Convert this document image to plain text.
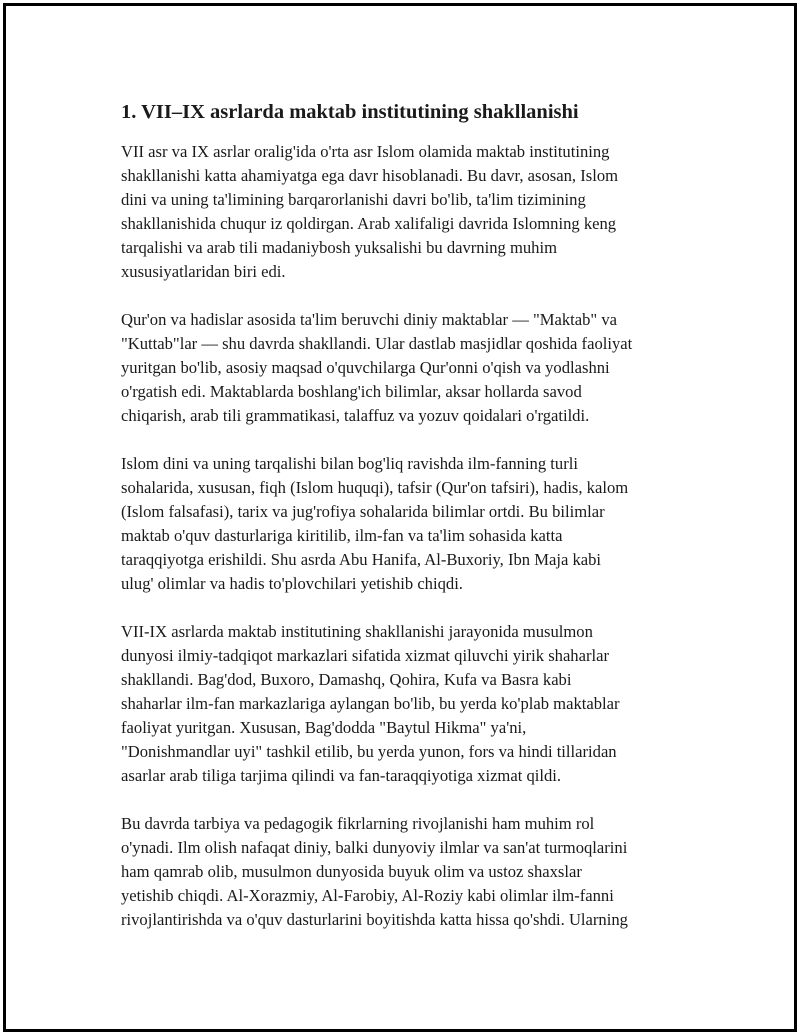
1. VII–IX asrlarda maktab institutining shakllanishi

VII asr va IX asrlar oralig'ida o'rta asr Islom olamida maktab institutining
shakllanishi katta ahamiyatga ega davr hisoblanadi. Bu davr, asosan, Islom
dini va uning ta'limining barqarorlanishi davri bo'lib, ta'lim tizimining
shakllanishida chuqur iz qoldirgan. Arab xalifaligi davrida Islomning keng
tarqalishi va arab tili madaniybosh yuksalishi bu davrning muhim
xususiyatlaridan biri edi.

Qur'on va hadislar asosida ta'lim beruvchi diniy maktablar — "Maktab" va
"Kuttab"lar — shu davrda shakllandi. Ular dastlab masjidlar qoshida faoliyat
yuritgan bo'lib, asosiy maqsad o'quvchilarga Qur'onni o'qish va yodlashni
o'rgatish edi. Maktablarda boshlang'ich bilimlar, aksar hollarda savod
chiqarish, arab tili grammatikasi, talaffuz va yozuv qoidalari o'rgatildi.

Islom dini va uning tarqalishi bilan bog'liq ravishda ilm-fanning turli
sohalarida, xususan, fiqh (Islom huquqi), tafsir (Qur'on tafsiri), hadis, kalom
(Islom falsafasi), tarix va jug'rofiya sohalarida bilimlar ortdi. Bu bilimlar
maktab o'quv dasturlariga kiritilib, ilm-fan va ta'lim sohasida katta
taraqqiyotga erishildi. Shu asrda Abu Hanifa, Al-Buxoriy, Ibn Maja kabi
ulug' olimlar va hadis to'plovchilari yetishib chiqdi.

VII-IX asrlarda maktab institutining shakllanishi jarayonida musulmon
dunyosi ilmiy-tadqiqot markazlari sifatida xizmat qiluvchi yirik shaharlar
shakllandi. Bag'dod, Buxoro, Damashq, Qohira, Kufa va Basra kabi
shaharlar ilm-fan markazlariga aylangan bo'lib, bu yerda ko'plab maktablar
faoliyat yuritgan. Xususan, Bag'dodda "Baytul Hikma" ya'ni,
"Donishmandlar uyi" tashkil etilib, bu yerda yunon, fors va hindi tillaridan
asarlar arab tiliga tarjima qilindi va fan-taraqqiyotiga xizmat qildi.

Bu davrda tarbiya va pedagogik fikrlarning rivojlanishi ham muhim rol
o'ynadi. Ilm olish nafaqat diniy, balki dunyoviy ilmlar va san'at turmoqlarini
ham qamrab olib, musulmon dunyosida buyuk olim va ustoz shaxslar
yetishib chiqdi. Al-Xorazmiy, Al-Farobiy, Al-Roziy kabi olimlar ilm-fanni
rivojlantirishda va o'quv dasturlarini boyitishda katta hissa qo'shdi. Ularning
